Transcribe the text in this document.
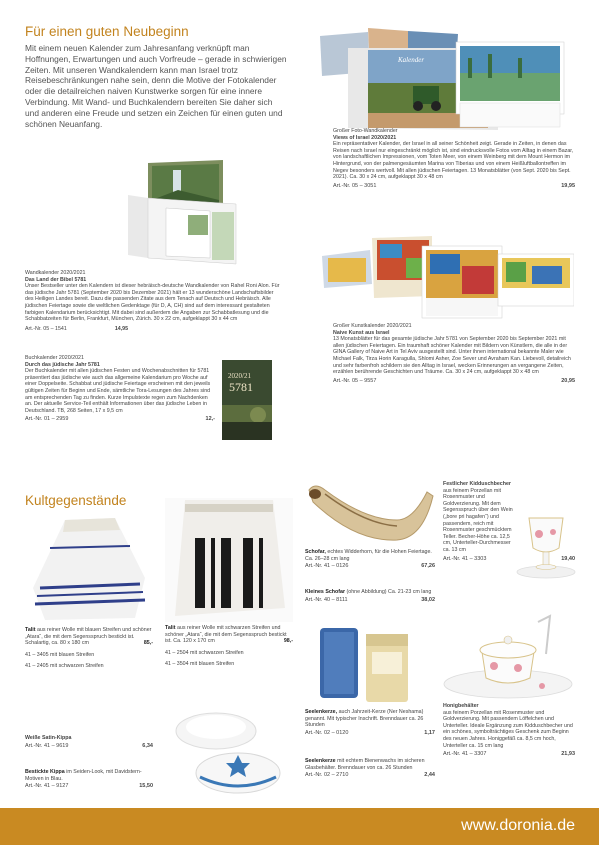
Für einen guten Neubeginn
Mit einem neuen Kalender zum Jahresanfang verknüpft man Hoffnungen, Erwartungen und auch Vorfreude – gerade in schwierigen Zeiten. Mit unseren Wandkalendern kann man Israel trotz Reisebeschränkungen nahe sein, denn die Motive der Fotokalender oder die detailreichen naiven Kunstwerke sorgen für eine innere Verbindung. Mit Wand- und Buchkalendern bereiten Sie daher sich und anderen eine Freude und setzen ein Zeichen für einen guten und schönen Neuanfang.
Wandkalender 2020/2021
Das Land der Bibel 5781
Unser Bestseller unter den Kalendern ist dieser hebräisch-deutsche Wandkalender von Rahel Roni Alon. Für das jüdische Jahr 5781 (September 2020 bis Dezember 2021) hält er 13 wunderschöne Landschaftsbilder des Heiligen Landes bereit. Dazu die passenden Zitate aus dem Tenach auf Deutsch und Hebräisch. Alle jüdischen Feiertage sowie die weltlichen Gedenktage (für D, A, CH) sind auf dem interessant gestalteten farbigen Kalendarium berücksichtigt. Mit dabei sind außerdem die Angaben zur Schabbatlesung und die Schabbatzeiten für Berlin, Frankfurt, München, Zürich. 30 x 22 cm, aufgeklappt 30 x 44 cm
Art.-Nr. 05 – 1541	14,95
Buchkalender 2020/2021
Durch das jüdische Jahr 5781
Der Buchkalender mit allen jüdischen Festen und Wochenabschnitten für 5781 präsentiert das jüdische wie auch das allgemeine Kalendarium pro Woche auf einer Doppelseite. Schabbat und jüdische Feiertage erscheinen mit den jeweils gültigen Zeiten für Beginn und Ende, sämtliche Tora-Lesungen des Jahres sind am entsprechenden Tag zu finden. Kurze Impulstexte regen zum Nachdenken an. Der aktuelle Service-Teil enthält Informationen über das jüdische Leben in Deutschland. TB, 268 Seiten, 17 x 9,5 cm
Art.-Nr. 01 – 2959	12,-
2020/21
5781
Kalender
Großer Foto-Wandkalender
Views of Israel 2020/2021
Ein repräsentativer Kalender, der Israel in all seiner Schönheit zeigt. Gerade in Zeiten, in denen das Reisen nach Israel nur eingeschränkt möglich ist, sind eindrucksvolle Fotos vom Alltag in einem Bazar, von landschaftlichen Impressionen, vom Toten Meer, von einem Weinberg mit dem Mount Hermon im Hintergrund, von der palmengesäumten Marina von Tiberias und von einem Heißluftballontreffen im Negev besonders wertvoll. Mit allen jüdischen Feiertagen. 13 Monatsblätter (von Sept. 2020 bis Sept. 2021). Ca. 30 x 24 cm, aufgeklappt 30 x 48 cm
Art.-Nr. 05 – 3051	19,95
Großer Kunstkalender 2020/2021
Naive Kunst aus Israel
13 Monatsblätter für das gesamte jüdische Jahr 5781 von September 2020 bis September 2021 mit allen jüdischen Feiertagen. Ein traumhaft schöner Kalender mit Bildern von Künstlern, die alle in der GINA Gallery of Naive Art in Tel Aviv ausgestellt sind. Unter ihnen international bekannte Maler wie Michael Falk, Tirza Horin Karagulla, Shlomi Asher, Zoe Sever und Avraham Kan. Liebevoll, detailreich und sehr farbenfroh schildern sie den Alltag in Israel, wecken Erinnerungen an vergangene Zeiten, erzählen berührende Geschichten und Träume. Ca. 30 x 24 cm, aufgeklappt 30 x 48 cm
Art.-Nr. 05 – 9557	20,95
Kultgegenstände
Talit aus reiner Wolle mit blauen Streifen und schöner „Atara“, die mit dem Segensspruch bestickt ist. Schalartig, ca. 80 x 180 cm	85,-
41 – 3405 mit blauen Streifen
41 – 2405 mit schwarzen Streifen
Talit aus reiner Wolle mit schwarzen Streifen und schöner „Atara“, die mit dem Segensspruch bestickt ist. Ca. 120 x 170 cm	98,-
41 – 2504 mit schwarzen Streifen
41 – 3504 mit blauen Streifen
Weiße Satin-Kippa
Art.-Nr. 41 – 9619	6,34
Bestickte Kippa im Seiden-Look, mit Davidstern-Motiven in Blau.
Art.-Nr. 41 – 9127	15,50
Schofar, echtes Widderhorn, für die Hohen Feiertage. Ca. 26–28 cm lang
Art.-Nr. 41 – 0126	67,26
Kleines Schofar (ohne Abbildung) Ca. 21-23 cm lang
Art.-Nr. 40 – 8111	38,02
Seelenkerze, auch Jahrzeit-Kerze (Ner Neshama) genannt. Mit typischer Inschrift. Brenndauer ca. 26 Stunden
Art.-Nr. 02 – 0120	1,17
Seelenkerze mit echtem Bienenwachs im sicheren Glasbehälter. Brenndauer von ca. 26 Stunden
Art.-Nr. 02 – 2710	2,44
Festlicher Kidduschbecher
aus feinem Porzellan mit Rosenmuster und Goldverzierung. Mit dem Segensspruch über den Wein („bore pri hagafen“) und passendem, reich mit Rosenmuster geschmücktem Teller. Becher-Höhe ca. 12,5 cm, Unterteller-Durchmesser ca. 13 cm
Art.-Nr. 41 – 3303	19,40
Honigbehälter
aus feinem Porzellan mit Rosenmuster und Goldverzierung. Mit passendem Löffelchen und Unterteller. Ideale Ergänzung zum Kidduschbecher und ein schönes, symbolträchtiges Geschenk zum Beginn des neuen Jahres. Honiggefäß ca. 8,5 cm hoch, Unterteller ca. 15 cm lang
Art.-Nr. 41 – 3307	21,93
www.doronia.de
